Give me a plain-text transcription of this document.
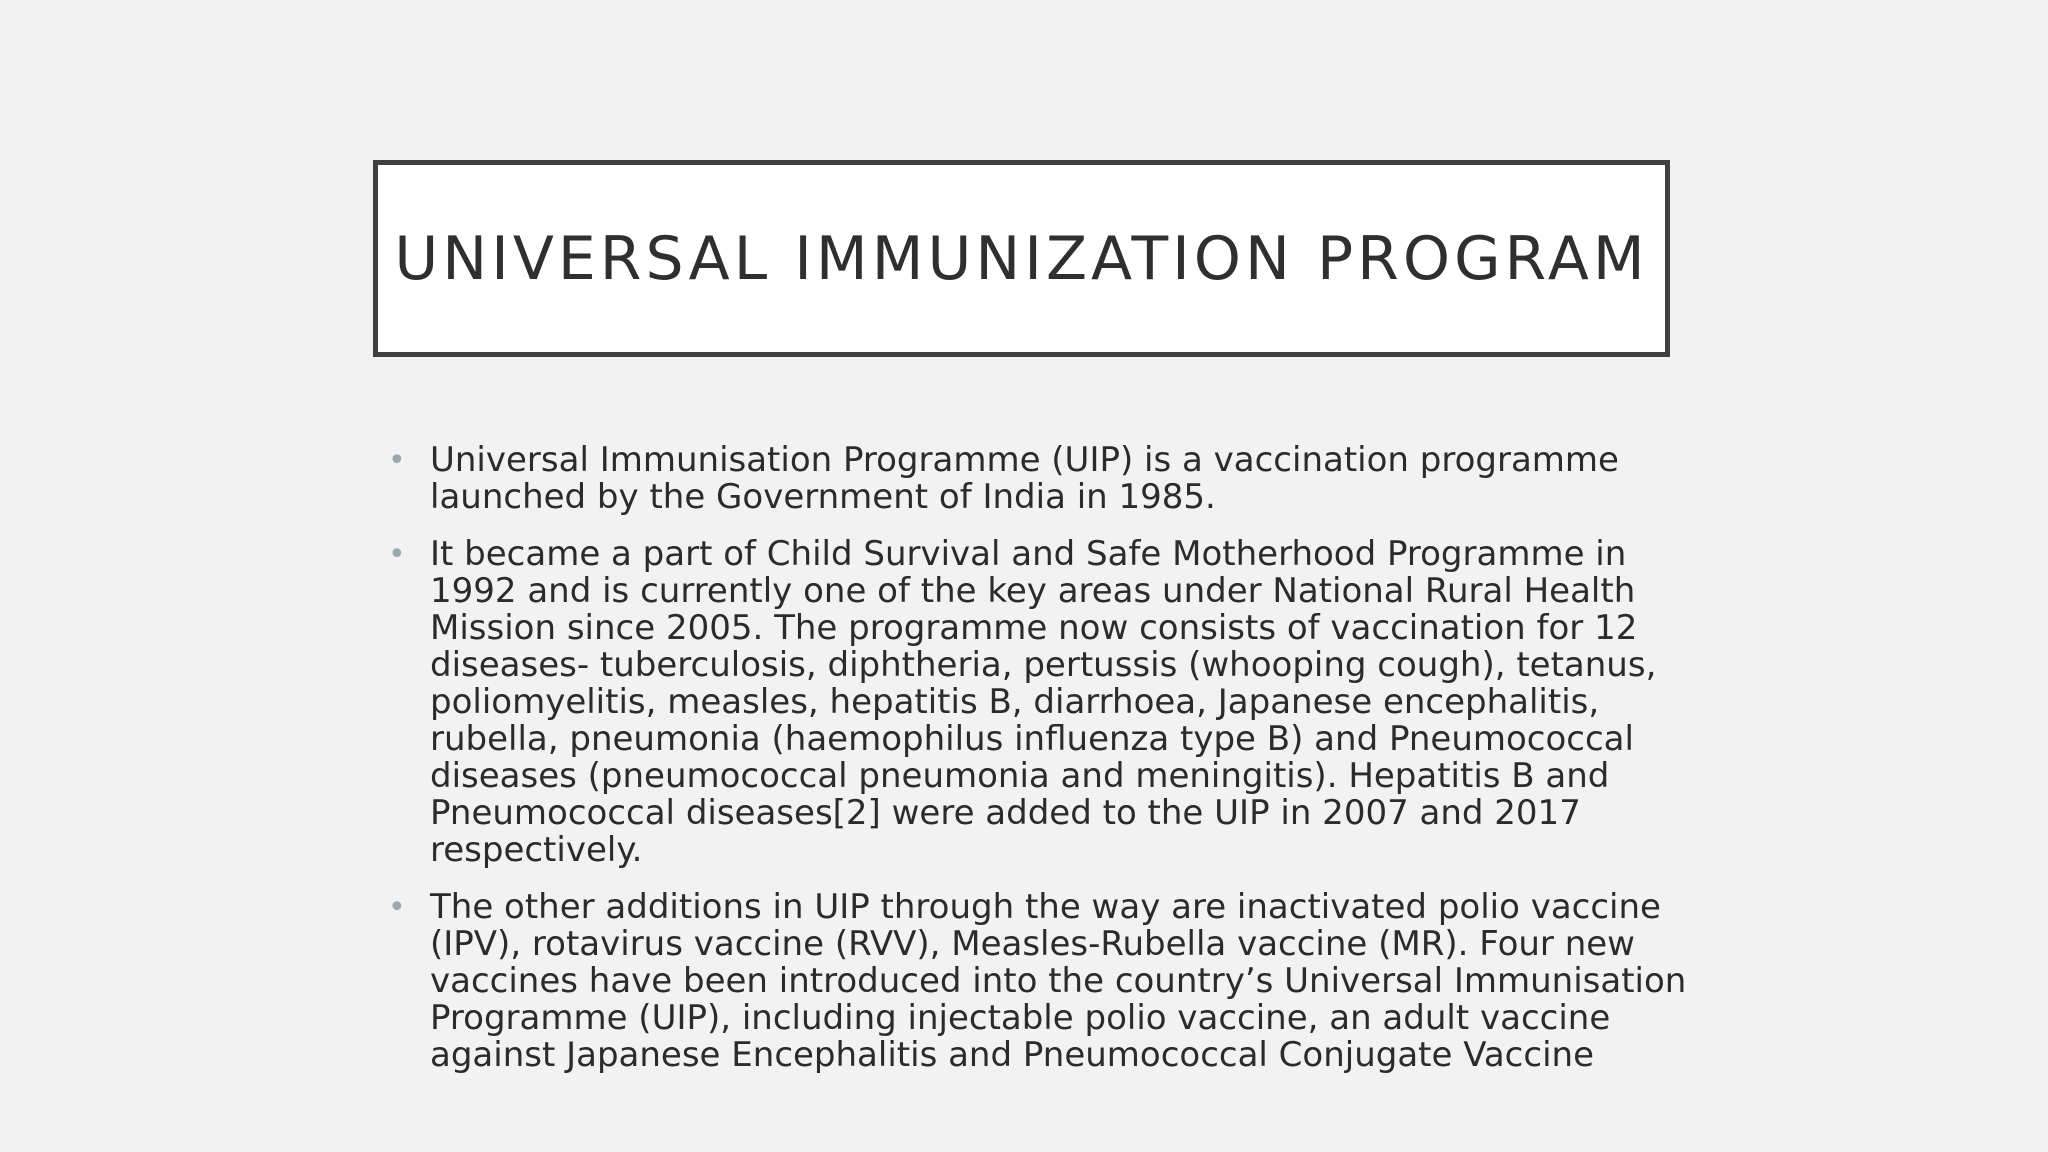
UNIVERSAL IMMUNIZATION PROGRAM
• Universal Immunisation Programme (UIP) is a vaccination programme launched by the Government of India in 1985.
• It became a part of Child Survival and Safe Motherhood Programme in 1992 and is currently one of the key areas under National Rural Health Mission since 2005. The programme now consists of vaccination for 12 diseases- tuberculosis, diphtheria, pertussis (whooping cough), tetanus, poliomyelitis, measles, hepatitis B, diarrhoea, Japanese encephalitis, rubella, pneumonia (haemophilus influenza type B) and Pneumococcal diseases (pneumococcal pneumonia and meningitis). Hepatitis B and Pneumococcal diseases[2] were added to the UIP in 2007 and 2017 respectively.
• The other additions in UIP through the way are inactivated polio vaccine (IPV), rotavirus vaccine (RVV), Measles-Rubella vaccine (MR). Four new vaccines have been introduced into the country’s Universal Immunisation Programme (UIP), including injectable polio vaccine, an adult vaccine against Japanese Encephalitis and Pneumococcal Conjugate Vaccine
